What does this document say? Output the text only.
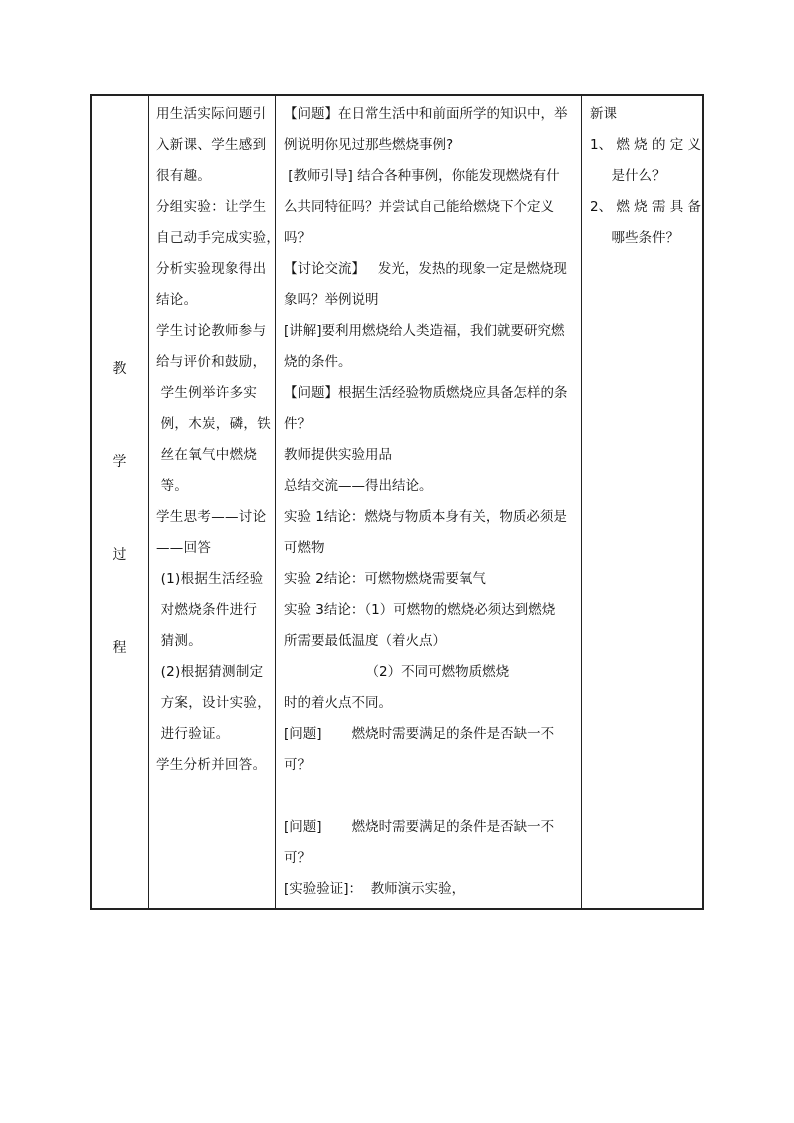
教
学
过
程
用生活实际问题引
入新课、学生感到
很有趣。
分组实验：让学生
自己动手完成实验，
分析实验现象得出
结论。
学生讨论教师参与
给与评价和鼓励，
学生例举许多实
例，木炭，磷，铁
丝在氧气中燃烧
等。
学生思考——讨论
——回答
(1)根据生活经验
对燃烧条件进行
猜测。
(2)根据猜测制定
方案，设计实验，
进行验证。
学生分析并回答。
【问题】在日常生活中和前面所学的知识中，举
例说明你见过那些燃烧事例?
[教师引导] 结合各种事例，你能发现燃烧有什
么共同特征吗？并尝试自己能给燃烧下个定义
吗？
【讨论交流】   发光，发热的现象一定是燃烧现
象吗？举例说明
[讲解]要利用燃烧给人类造福，我们就要研究燃
烧的条件。
【问题】根据生活经验物质燃烧应具备怎样的条
件？
教师提供实验用品
总结交流——得出结论。
实验 1结论：燃烧与物质本身有关，物质必须是
可燃物
实验 2结论：可燃物燃烧需要氧气
实验 3结论：（1）可燃物的燃烧必须达到燃烧
所需要最低温度（着火点）
（2）不同可燃物质燃烧
时的着火点不同。
[问题]       燃烧时需要满足的条件是否缺一不
可？
[问题]       燃烧时需要满足的条件是否缺一不
可？
[实验验证]：  教师演示实验，
新课
1、 燃 烧 的 定 义
是什么？
2、 燃 烧 需 具 备
哪些条件？
